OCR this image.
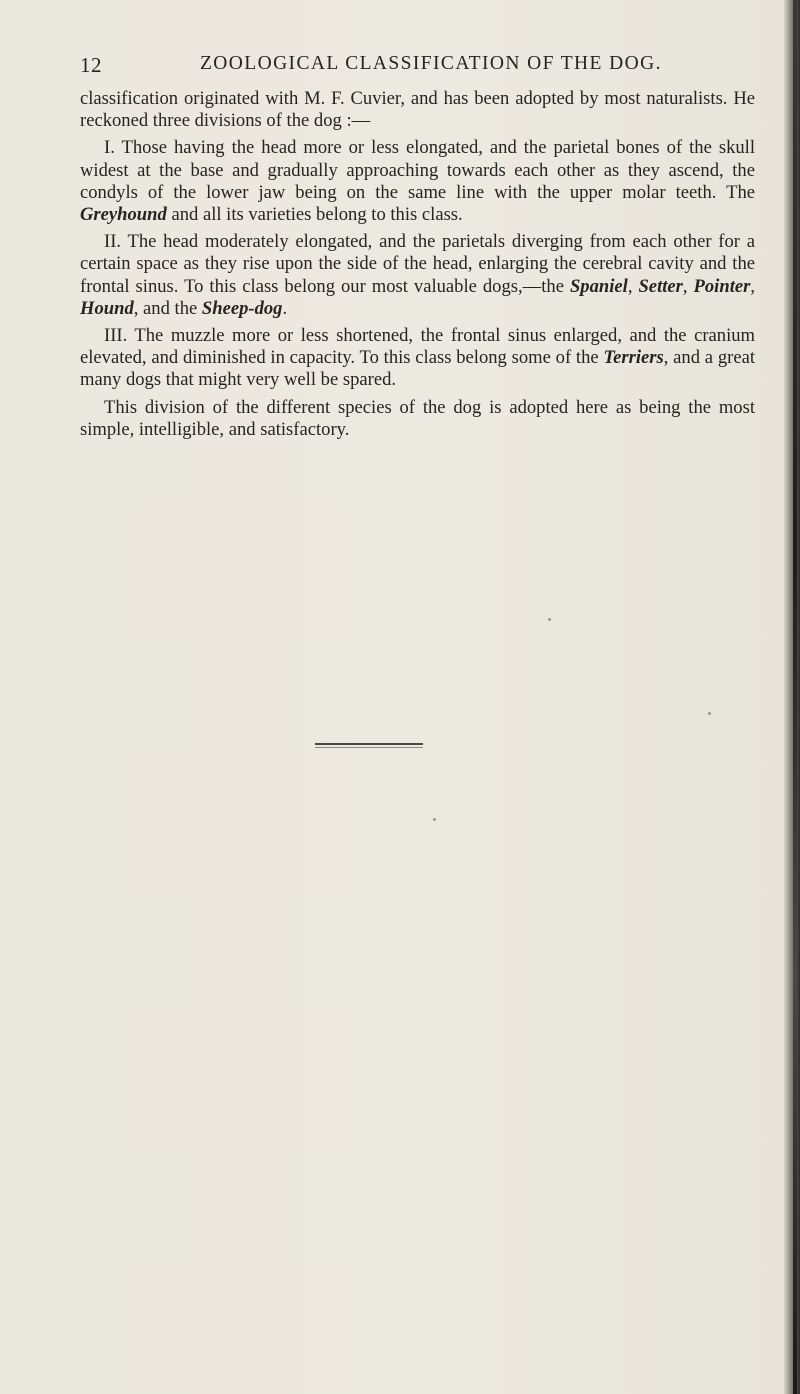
12	ZOOLOGICAL CLASSIFICATION OF THE DOG.

classification originated with M. F. Cuvier, and has been adopted by most naturalists. He reckoned three divisions of the dog :—

I. Those having the head more or less elongated, and the parietal bones of the skull widest at the base and gradually approaching towards each other as they ascend, the condyls of the lower jaw being on the same line with the upper molar teeth. The Greyhound and all its varieties belong to this class.

II. The head moderately elongated, and the parietals diverging from each other for a certain space as they rise upon the side of the head, enlarging the cerebral cavity and the frontal sinus. To this class belong our most valuable dogs,—the Spaniel, Setter, Pointer, Hound, and the Sheep-dog.

III. The muzzle more or less shortened, the frontal sinus enlarged, and the cranium elevated, and diminished in capacity. To this class belong some of the Terriers, and a great many dogs that might very well be spared.

This division of the different species of the dog is adopted here as being the most simple, intelligible, and satisfactory.
